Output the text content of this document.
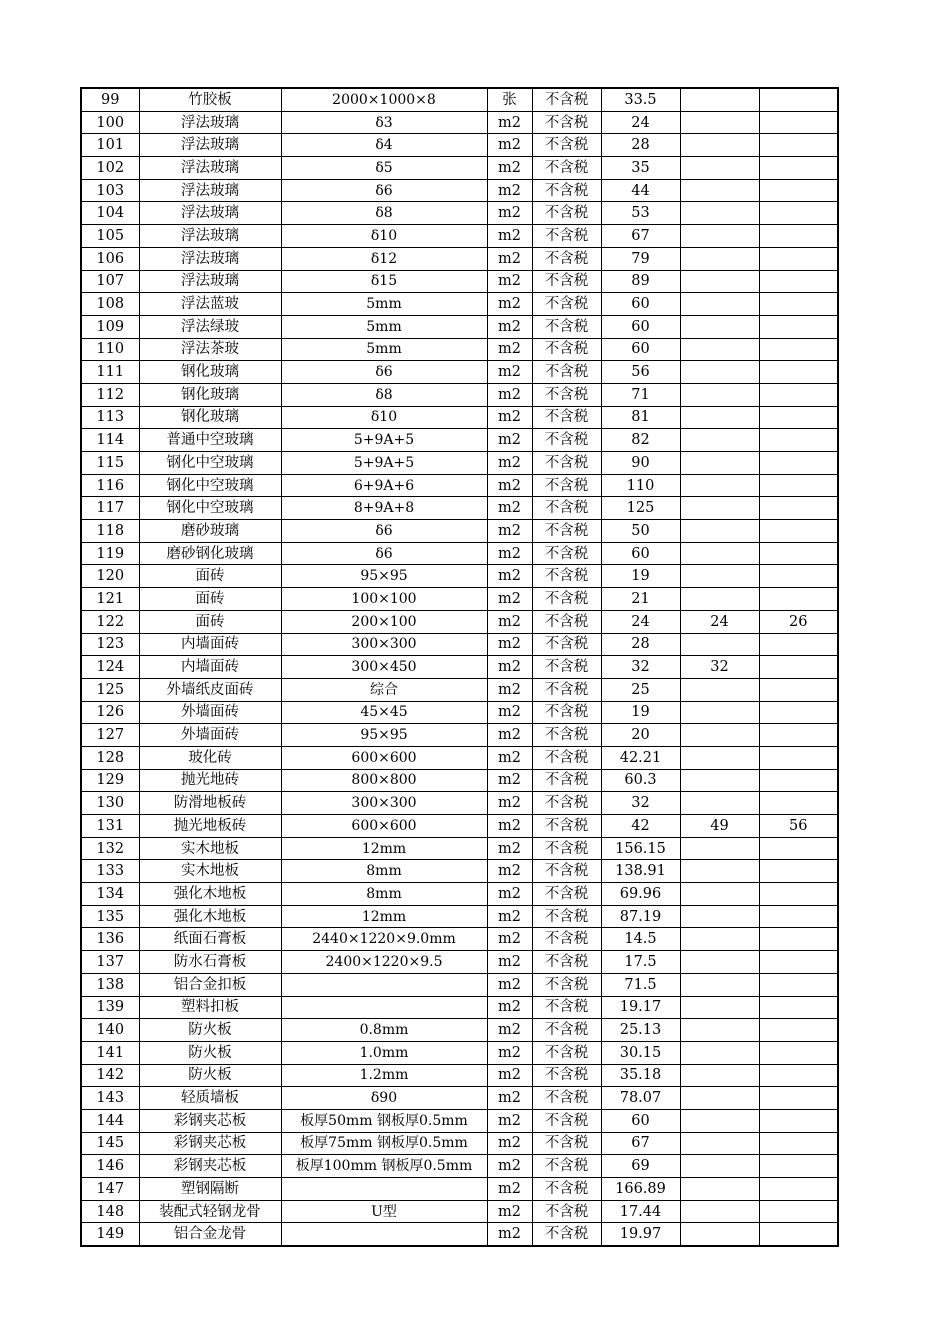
99	竹胶板	2000×1000×8	张	不含税	33.5		
100	浮法玻璃	δ3	m2	不含税	24		
101	浮法玻璃	δ4	m2	不含税	28		
102	浮法玻璃	δ5	m2	不含税	35		
103	浮法玻璃	δ6	m2	不含税	44		
104	浮法玻璃	δ8	m2	不含税	53		
105	浮法玻璃	δ10	m2	不含税	67		
106	浮法玻璃	δ12	m2	不含税	79		
107	浮法玻璃	δ15	m2	不含税	89		
108	浮法蓝玻	5mm	m2	不含税	60		
109	浮法绿玻	5mm	m2	不含税	60		
110	浮法茶玻	5mm	m2	不含税	60		
111	钢化玻璃	δ6	m2	不含税	56		
112	钢化玻璃	δ8	m2	不含税	71		
113	钢化玻璃	δ10	m2	不含税	81		
114	普通中空玻璃	5+9A+5	m2	不含税	82		
115	钢化中空玻璃	5+9A+5	m2	不含税	90		
116	钢化中空玻璃	6+9A+6	m2	不含税	110		
117	钢化中空玻璃	8+9A+8	m2	不含税	125		
118	磨砂玻璃	δ6	m2	不含税	50		
119	磨砂钢化玻璃	δ6	m2	不含税	60		
120	面砖	95×95	m2	不含税	19		
121	面砖	100×100	m2	不含税	21		
122	面砖	200×100	m2	不含税	24	24	26
123	内墙面砖	300×300	m2	不含税	28		
124	内墙面砖	300×450	m2	不含税	32	32	
125	外墙纸皮面砖	综合	m2	不含税	25		
126	外墙面砖	45×45	m2	不含税	19		
127	外墙面砖	95×95	m2	不含税	20		
128	玻化砖	600×600	m2	不含税	42.21		
129	抛光地砖	800×800	m2	不含税	60.3		
130	防滑地板砖	300×300	m2	不含税	32		
131	抛光地板砖	600×600	m2	不含税	42	49	56
132	实木地板	12mm	m2	不含税	156.15		
133	实木地板	8mm	m2	不含税	138.91		
134	强化木地板	8mm	m2	不含税	69.96		
135	强化木地板	12mm	m2	不含税	87.19		
136	纸面石膏板	2440×1220×9.0mm	m2	不含税	14.5		
137	防水石膏板	2400×1220×9.5	m2	不含税	17.5		
138	铝合金扣板		m2	不含税	71.5		
139	塑料扣板		m2	不含税	19.17		
140	防火板	0.8mm	m2	不含税	25.13		
141	防火板	1.0mm	m2	不含税	30.15		
142	防火板	1.2mm	m2	不含税	35.18		
143	轻质墙板	δ90	m2	不含税	78.07		
144	彩钢夹芯板	板厚50mm 钢板厚0.5mm	m2	不含税	60		
145	彩钢夹芯板	板厚75mm 钢板厚0.5mm	m2	不含税	67		
146	彩钢夹芯板	板厚100mm 钢板厚0.5mm	m2	不含税	69		
147	塑钢隔断		m2	不含税	166.89		
148	装配式轻钢龙骨	U型	m2	不含税	17.44		
149	铝合金龙骨		m2	不含税	19.97		
